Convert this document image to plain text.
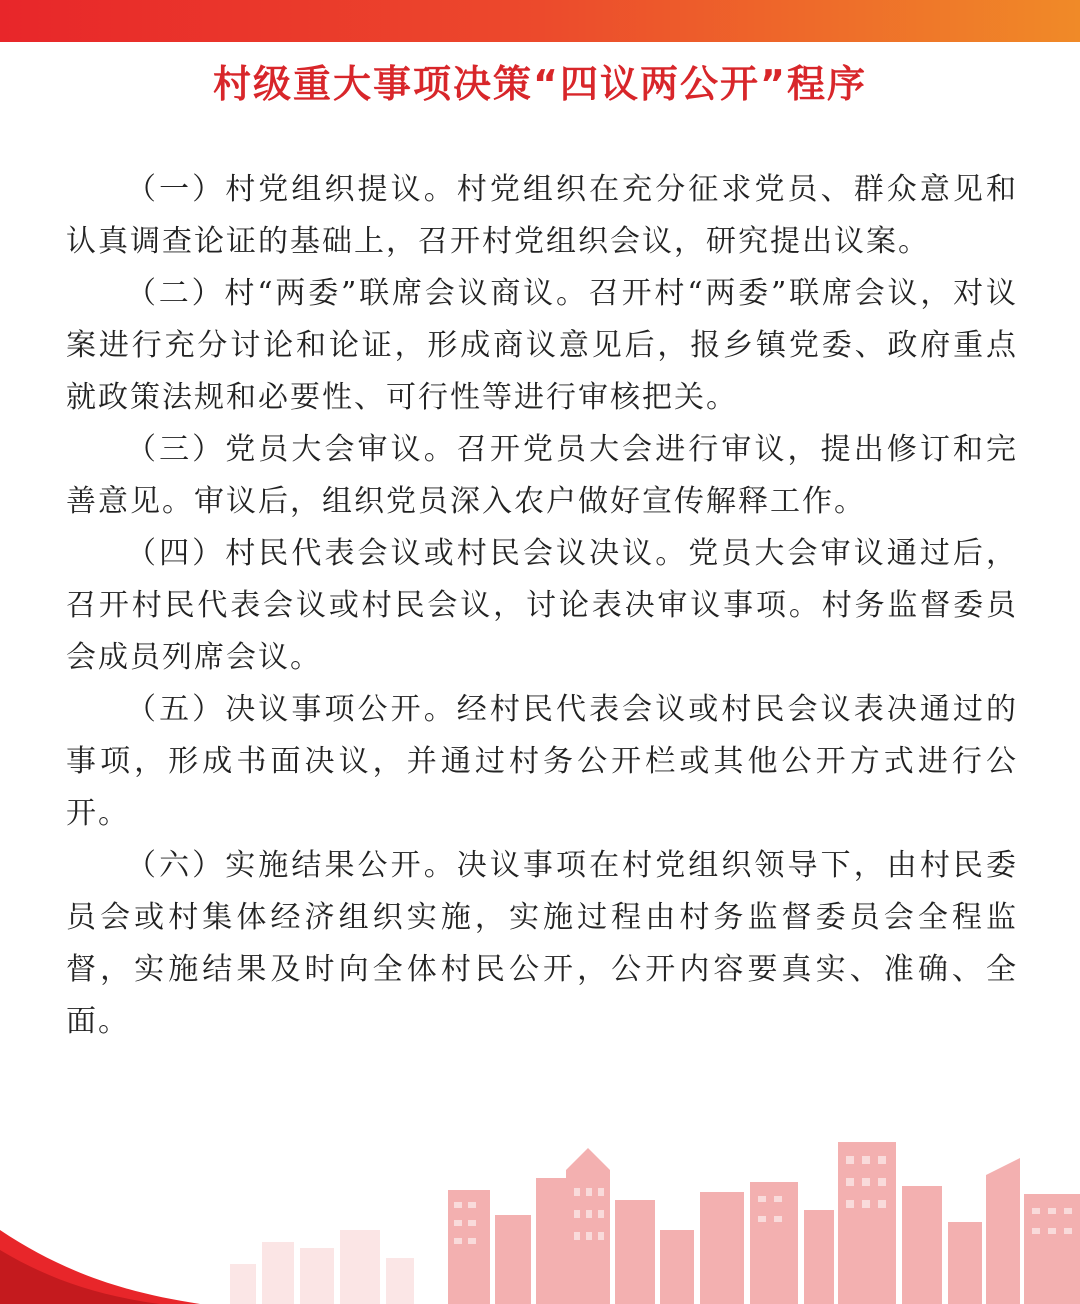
村级重大事项决策“四议两公开”程序

（一）村党组织提议。村党组织在充分征求党员、群众意见和认真调查论证的基础上，召开村党组织会议，研究提出议案。

（二）村“两委”联席会议商议。召开村“两委”联席会议，对议案进行充分讨论和论证，形成商议意见后，报乡镇党委、政府重点就政策法规和必要性、可行性等进行审核把关。

（三）党员大会审议。召开党员大会进行审议，提出修订和完善意见。审议后，组织党员深入农户做好宣传解释工作。

（四）村民代表会议或村民会议决议。党员大会审议通过后，召开村民代表会议或村民会议，讨论表决审议事项。村务监督委员会成员列席会议。

（五）决议事项公开。经村民代表会议或村民会议表决通过的事项，形成书面决议，并通过村务公开栏或其他公开方式进行公开。

（六）实施结果公开。决议事项在村党组织领导下，由村民委员会或村集体经济组织实施，实施过程由村务监督委员会全程监督，实施结果及时向全体村民公开，公开内容要真实、准确、全面。
